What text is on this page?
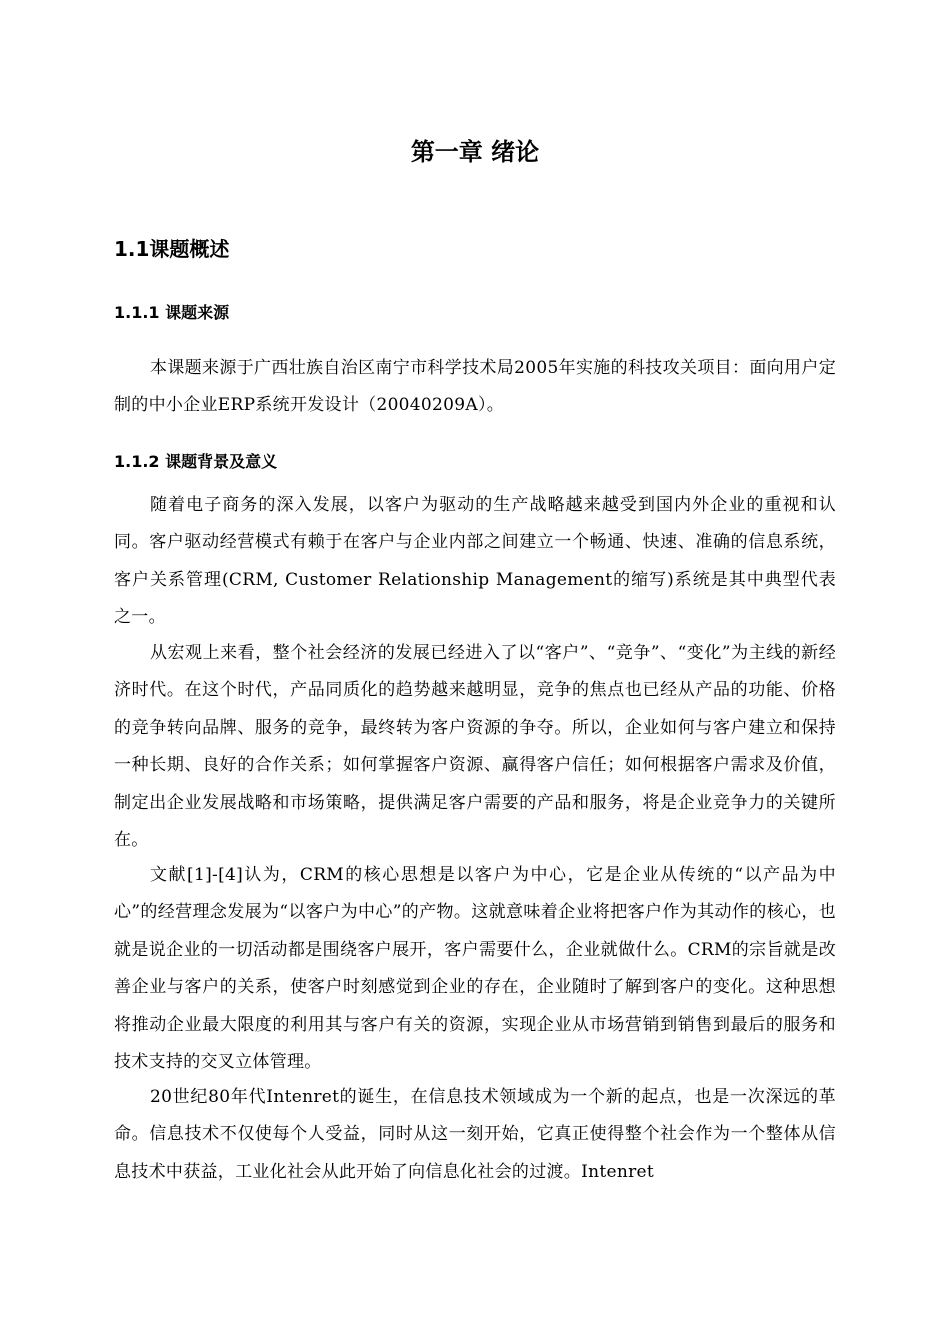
第一章 绪论
1.1课题概述
1.1.1 课题来源

本课题来源于广西壮族自治区南宁市科学技术局2005年实施的科技攻关项目：面向用户定制的中小企业ERP系统开发设计（20040209A）。

1.1.2 课题背景及意义

随着电子商务的深入发展，以客户为驱动的生产战略越来越受到国内外企业的重视和认同。客户驱动经营模式有赖于在客户与企业内部之间建立一个畅通、快速、准确的信息系统，客户关系管理(CRM, Customer Relationship Management的缩写)系统是其中典型代表之一。

从宏观上来看，整个社会经济的发展已经进入了以“客户”、“竞争”、“变化”为主线的新经济时代。在这个时代，产品同质化的趋势越来越明显，竞争的焦点也已经从产品的功能、价格的竞争转向品牌、服务的竞争，最终转为客户资源的争夺。所以，企业如何与客户建立和保持一种长期、良好的合作关系；如何掌握客户资源、赢得客户信任；如何根据客户需求及价值，制定出企业发展战略和市场策略，提供满足客户需要的产品和服务，将是企业竞争力的关键所在。

文献[1]-[4]认为，CRM的核心思想是以客户为中心，它是企业从传统的“以产品为中心”的经营理念发展为“以客户为中心”的产物。这就意味着企业将把客户作为其动作的核心，也就是说企业的一切活动都是围绕客户展开，客户需要什么，企业就做什么。CRM的宗旨就是改善企业与客户的关系，使客户时刻感觉到企业的存在，企业随时了解到客户的变化。这种思想将推动企业最大限度的利用其与客户有关的资源，实现企业从市场营销到销售到最后的服务和技术支持的交叉立体管理。

20世纪80年代Intenret的诞生，在信息技术领域成为一个新的起点，也是一次深远的革命。信息技术不仅使每个人受益，同时从这一刻开始，它真正使得整个社会作为一个整体从信息技术中获益，工业化社会从此开始了向信息化社会的过渡。Intenret
